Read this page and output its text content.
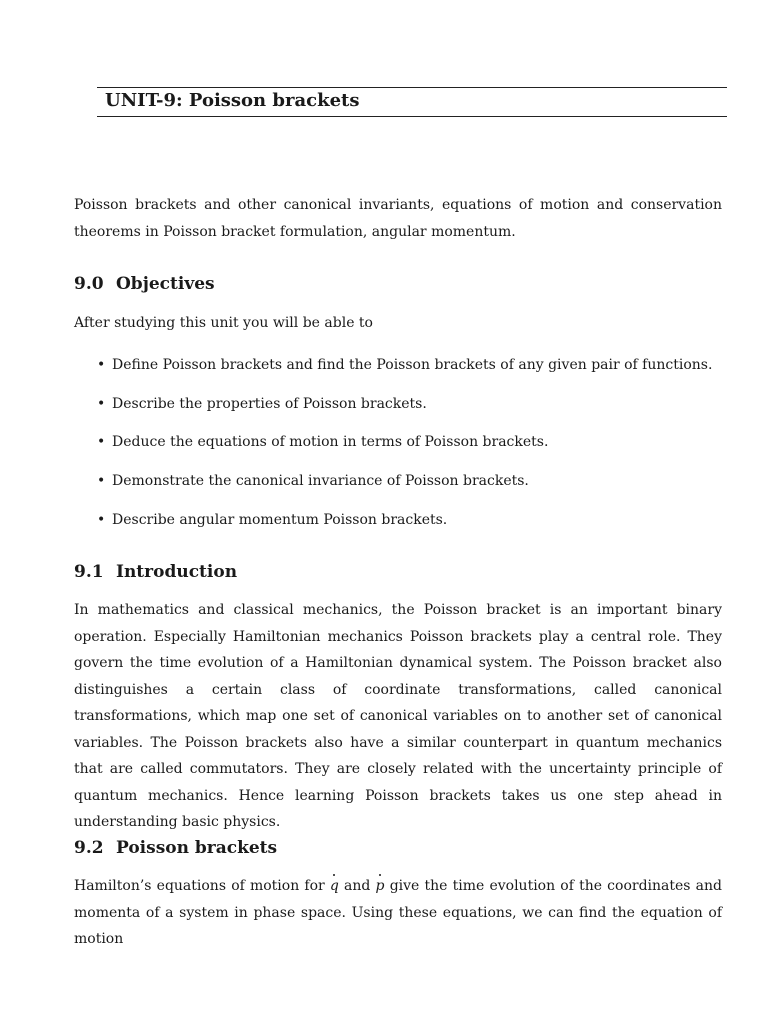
UNIT-9: Poisson brackets

Poisson brackets and other canonical invariants, equations of motion and conservation theorems in Poisson bracket formulation, angular momentum.

9.0 Objectives

After studying this unit you will be able to

• Define Poisson brackets and find the Poisson brackets of any given pair of functions.
• Describe the properties of Poisson brackets.
• Deduce the equations of motion in terms of Poisson brackets.
• Demonstrate the canonical invariance of Poisson brackets.
• Describe angular momentum Poisson brackets.
9.1 Introduction

In mathematics and classical mechanics, the Poisson bracket is an important binary operation. Especially Hamiltonian mechanics Poisson brackets play a central role. They govern the time evolution of a Hamiltonian dynamical system. The Poisson bracket also distinguishes a certain class of coordinate transformations, called canonical transformations, which map one set of canonical variables on to another set of canonical variables. The Poisson brackets also have a similar counterpart in quantum mechanics that are called commutators. They are closely related with the uncertainty principle of quantum mechanics. Hence learning Poisson brackets takes us one step ahead in understanding basic physics.

9.2 Poisson brackets

Hamilton’s equations of motion for q and p give the time evolution of the coordinates and momenta of a system in phase space. Using these equations, we can find the equation of motion
